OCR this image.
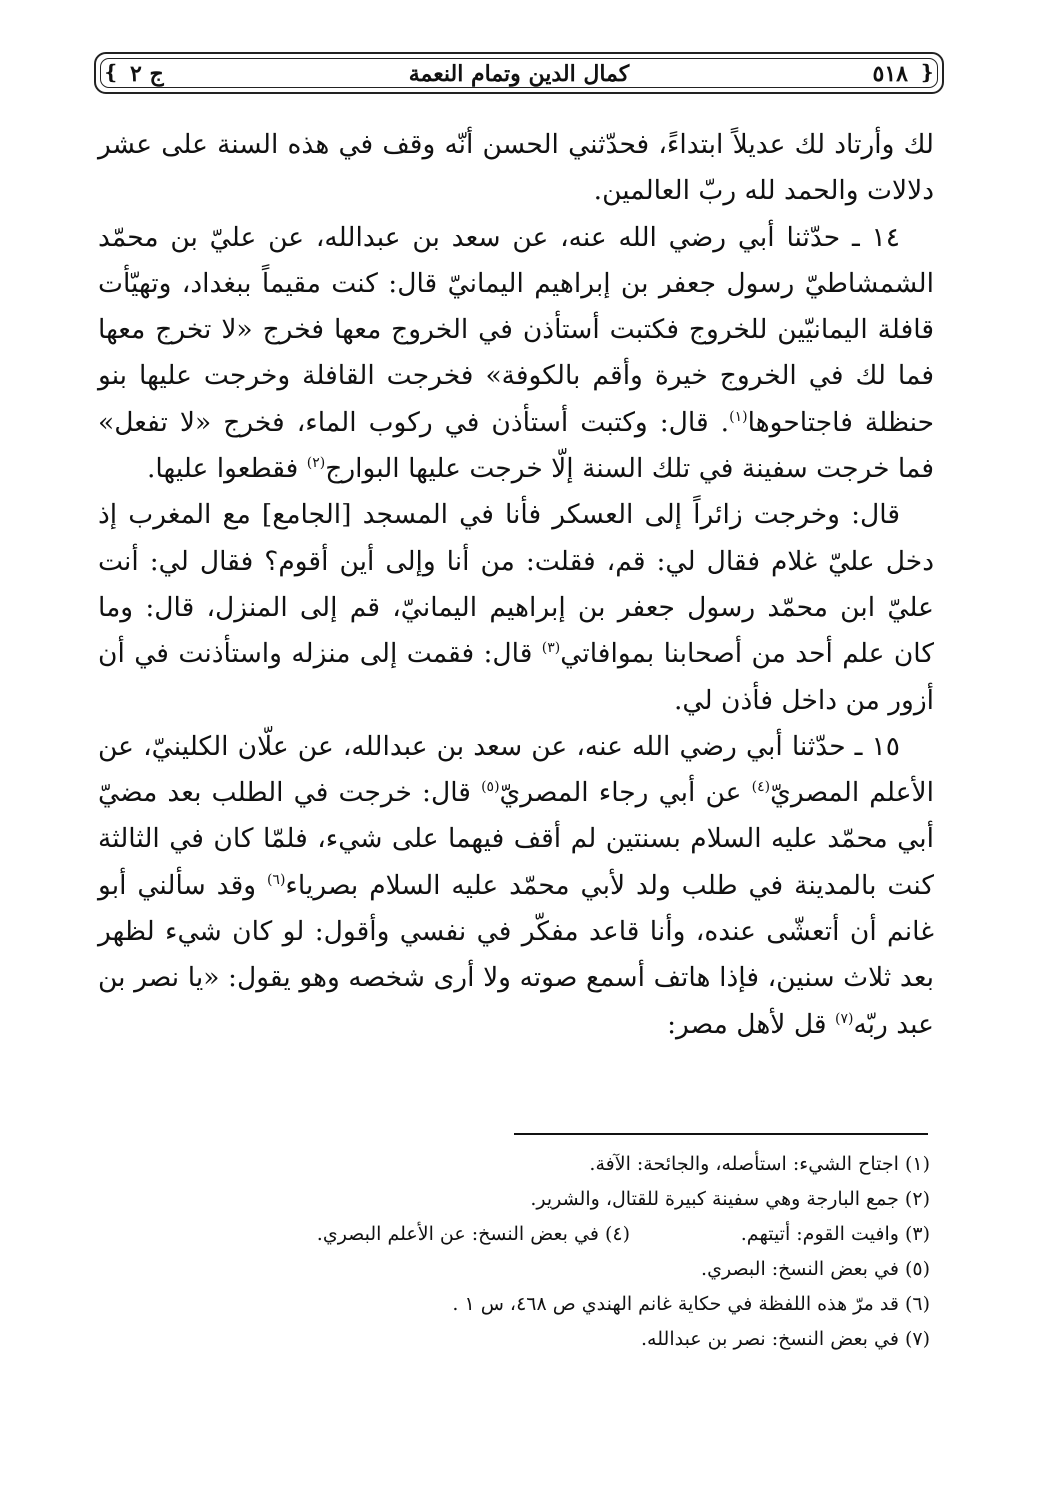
❴	❵
٥١٨
كمال الدين وتمام النعمة
ج ٢

لك وأرتاد لك عديلاً ابتداءً، فحدّثني الحسن أنّه وقف في هذه السنة على عشر دلالات والحمد لله ربّ العالمين.

١٤ ـ حدّثنا أبي رضي الله عنه، عن سعد بن عبدالله، عن عليّ بن محمّد الشمشاطيّ رسول جعفر بن إبراهيم اليمانيّ قال: كنت مقيماً ببغداد، وتهيّأت قافلة اليمانيّين للخروج فكتبت أستأذن في الخروج معها فخرج «لا تخرج معها فما لك في الخروج خيرة وأقم بالكوفة» فخرجت القافلة وخرجت عليها بنو حنظلة فاجتاحوها$^{(١)}$. قال: وكتبت أستأذن في ركوب الماء، فخرج «لا تفعل» فما خرجت سفينة في تلك السنة إلّا خرجت عليها البوارج$^{(٢)}$ فقطعوا عليها.

قال: وخرجت زائراً إلى العسكر فأنا في المسجد [الجامع] مع المغرب إذ دخل عليّ غلام فقال لي: قم، فقلت: من أنا وإلى أين أقوم؟ فقال لي: أنت عليّ ابن محمّد رسول جعفر بن إبراهيم اليمانيّ، قم إلى المنزل، قال: وما كان علم أحد من أصحابنا بموافاتي$^{(٣)}$ قال: فقمت إلى منزله واستأذنت في أن أزور من داخل فأذن لي.

١٥ ـ حدّثنا أبي رضي الله عنه، عن سعد بن عبدالله، عن علّان الكلينيّ، عن الأعلم المصريّ$^{(٤)}$ عن أبي رجاء المصريّ$^{(٥)}$ قال: خرجت في الطلب بعد مضيّ أبي محمّد عليه السلام بسنتين لم أقف فيهما على شيء، فلمّا كان في الثالثة كنت بالمدينة في طلب ولد لأبي محمّد عليه السلام بصرياء$^{(٦)}$ وقد سألني أبو غانم أن أتعشّى عنده، وأنا قاعد مفكّر في نفسي وأقول: لو كان شيء لظهر بعد ثلاث سنين، فإذا هاتف أسمع صوته ولا أرى شخصه وهو يقول: «يا نصر بن عبد ربّه$^{(٧)}$ قل لأهل مصر:

(١) اجتاح الشيء: استأصله، والجائحة: الآفة.
(٢) جمع البارجة وهي سفينة كبيرة للقتال، والشرير.
(٣) وافيت القوم: أتيتهم.
(٤) في بعض النسخ: عن الأعلم البصري.
(٥) في بعض النسخ: البصري.
(٦) قد مرّ هذه اللفظة في حكاية غانم الهندي ص ٤٦٨، س ١ .
(٧) في بعض النسخ: نصر بن عبدالله.
